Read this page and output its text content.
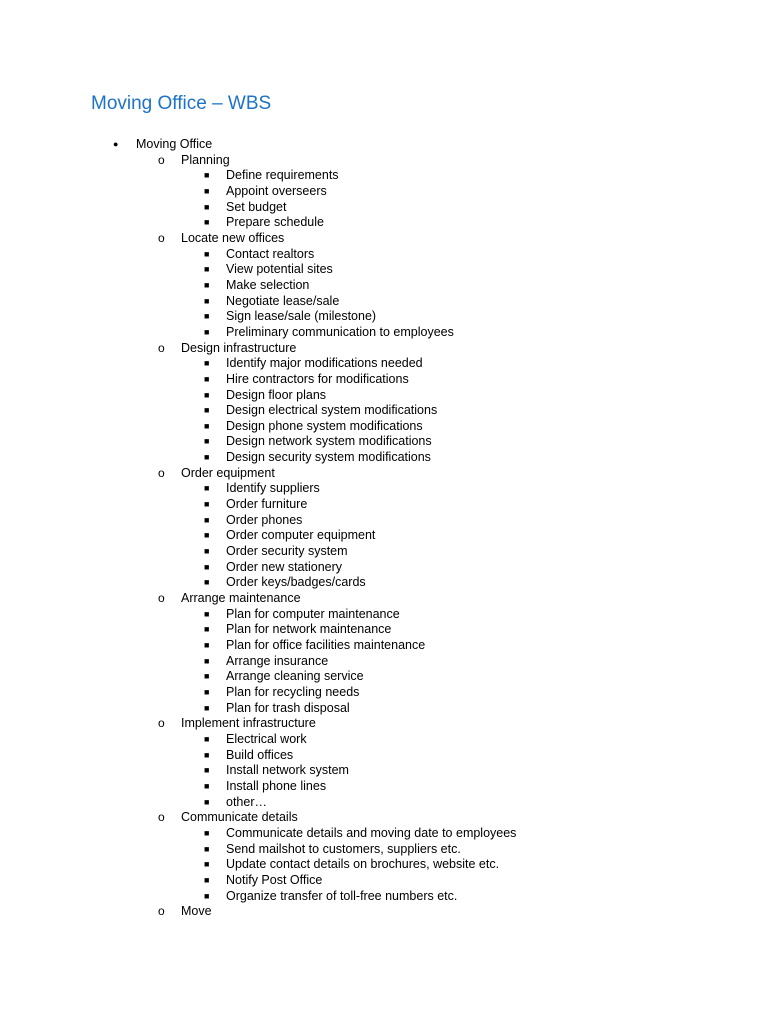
Moving Office – WBS
● Moving Office
o Planning
■ Define requirements
■ Appoint overseers
■ Set budget
■ Prepare schedule
o Locate new offices
■ Contact realtors
■ View potential sites
■ Make selection
■ Negotiate lease/sale
■ Sign lease/sale (milestone)
■ Preliminary communication to employees
o Design infrastructure
■ Identify major modifications needed
■ Hire contractors for modifications
■ Design floor plans
■ Design electrical system modifications
■ Design phone system modifications
■ Design network system modifications
■ Design security system modifications
o Order equipment
■ Identify suppliers
■ Order furniture
■ Order phones
■ Order computer equipment
■ Order security system
■ Order new stationery
■ Order keys/badges/cards
o Arrange maintenance
■ Plan for computer maintenance
■ Plan for network maintenance
■ Plan for office facilities maintenance
■ Arrange insurance
■ Arrange cleaning service
■ Plan for recycling needs
■ Plan for trash disposal
o Implement infrastructure
■ Electrical work
■ Build offices
■ Install network system
■ Install phone lines
■ other…
o Communicate details
■ Communicate details and moving date to employees
■ Send mailshot to customers, suppliers etc.
■ Update contact details on brochures, website etc.
■ Notify Post Office
■ Organize transfer of toll-free numbers etc.
o Move
